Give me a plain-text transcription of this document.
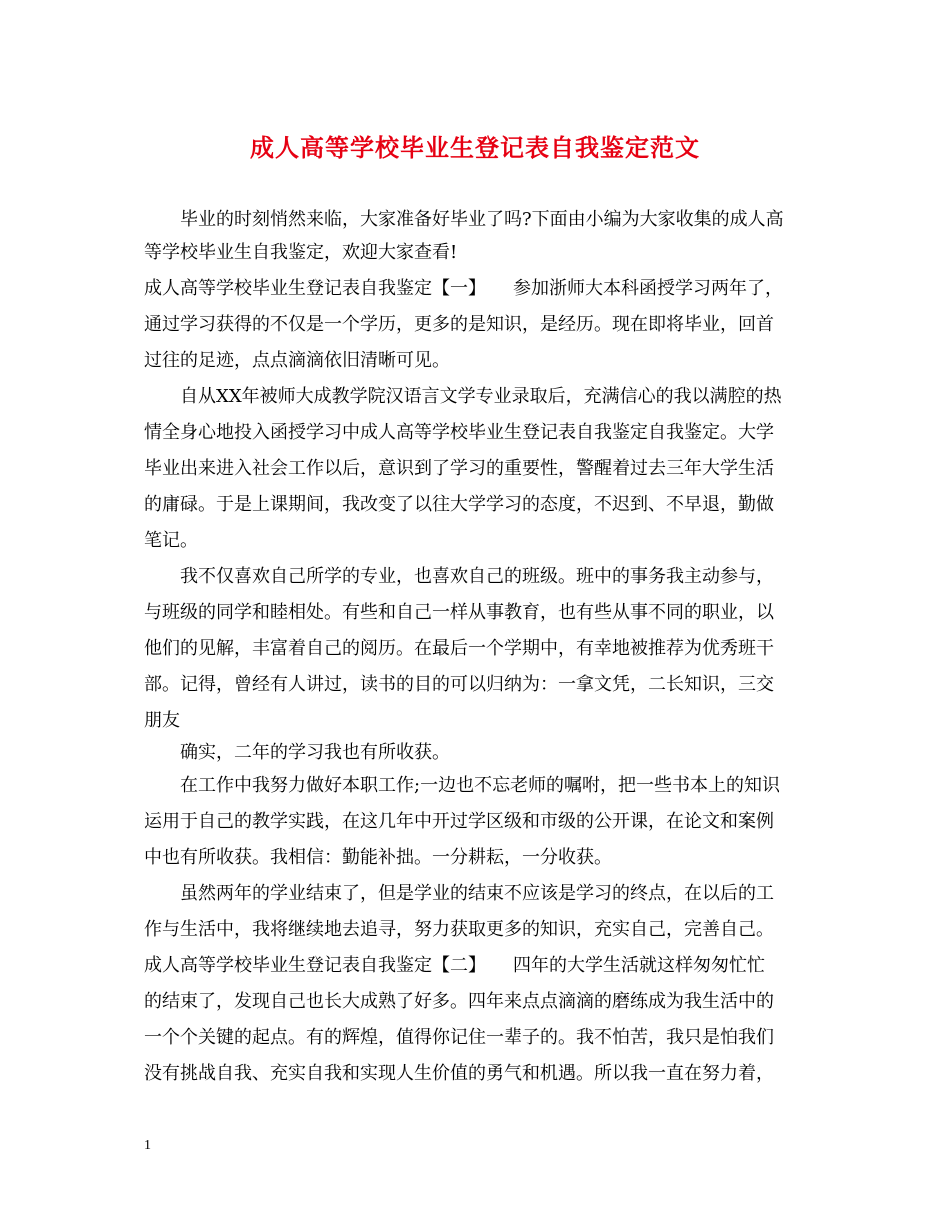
成人高等学校毕业生登记表自我鉴定范文
毕业的时刻悄然来临，大家准备好毕业了吗?下面由小编为大家收集的成人高
等学校毕业生自我鉴定，欢迎大家查看!
成人高等学校毕业生登记表自我鉴定【一】　　参加浙师大本科函授学习两年了，
通过学习获得的不仅是一个学历，更多的是知识，是经历。现在即将毕业，回首
过往的足迹，点点滴滴依旧清晰可见。
自从XX年被师大成教学院汉语言文学专业录取后，充满信心的我以满腔的热
情全身心地投入函授学习中成人高等学校毕业生登记表自我鉴定自我鉴定。大学
毕业出来进入社会工作以后，意识到了学习的重要性，警醒着过去三年大学生活
的庸碌。于是上课期间，我改变了以往大学学习的态度，不迟到、不早退，勤做
笔记。
我不仅喜欢自己所学的专业，也喜欢自己的班级。班中的事务我主动参与，
与班级的同学和睦相处。有些和自己一样从事教育，也有些从事不同的职业，以
他们的见解，丰富着自己的阅历。在最后一个学期中，有幸地被推荐为优秀班干
部。记得，曾经有人讲过，读书的目的可以归纳为：一拿文凭，二长知识，三交
朋友
确实，二年的学习我也有所收获。
在工作中我努力做好本职工作;一边也不忘老师的嘱咐，把一些书本上的知识
运用于自己的教学实践，在这几年中开过学区级和市级的公开课，在论文和案例
中也有所收获。我相信：勤能补拙。一分耕耘，一分收获。
虽然两年的学业结束了，但是学业的结束不应该是学习的终点，在以后的工
作与生活中，我将继续地去追寻，努力获取更多的知识，充实自己，完善自己。
成人高等学校毕业生登记表自我鉴定【二】　　四年的大学生活就这样匆匆忙忙
的结束了，发现自己也长大成熟了好多。四年来点点滴滴的磨练成为我生活中的
一个个关键的起点。有的辉煌，值得你记住一辈子的。我不怕苦，我只是怕我们
没有挑战自我、充实自我和实现人生价值的勇气和机遇。所以我一直在努力着，
1
